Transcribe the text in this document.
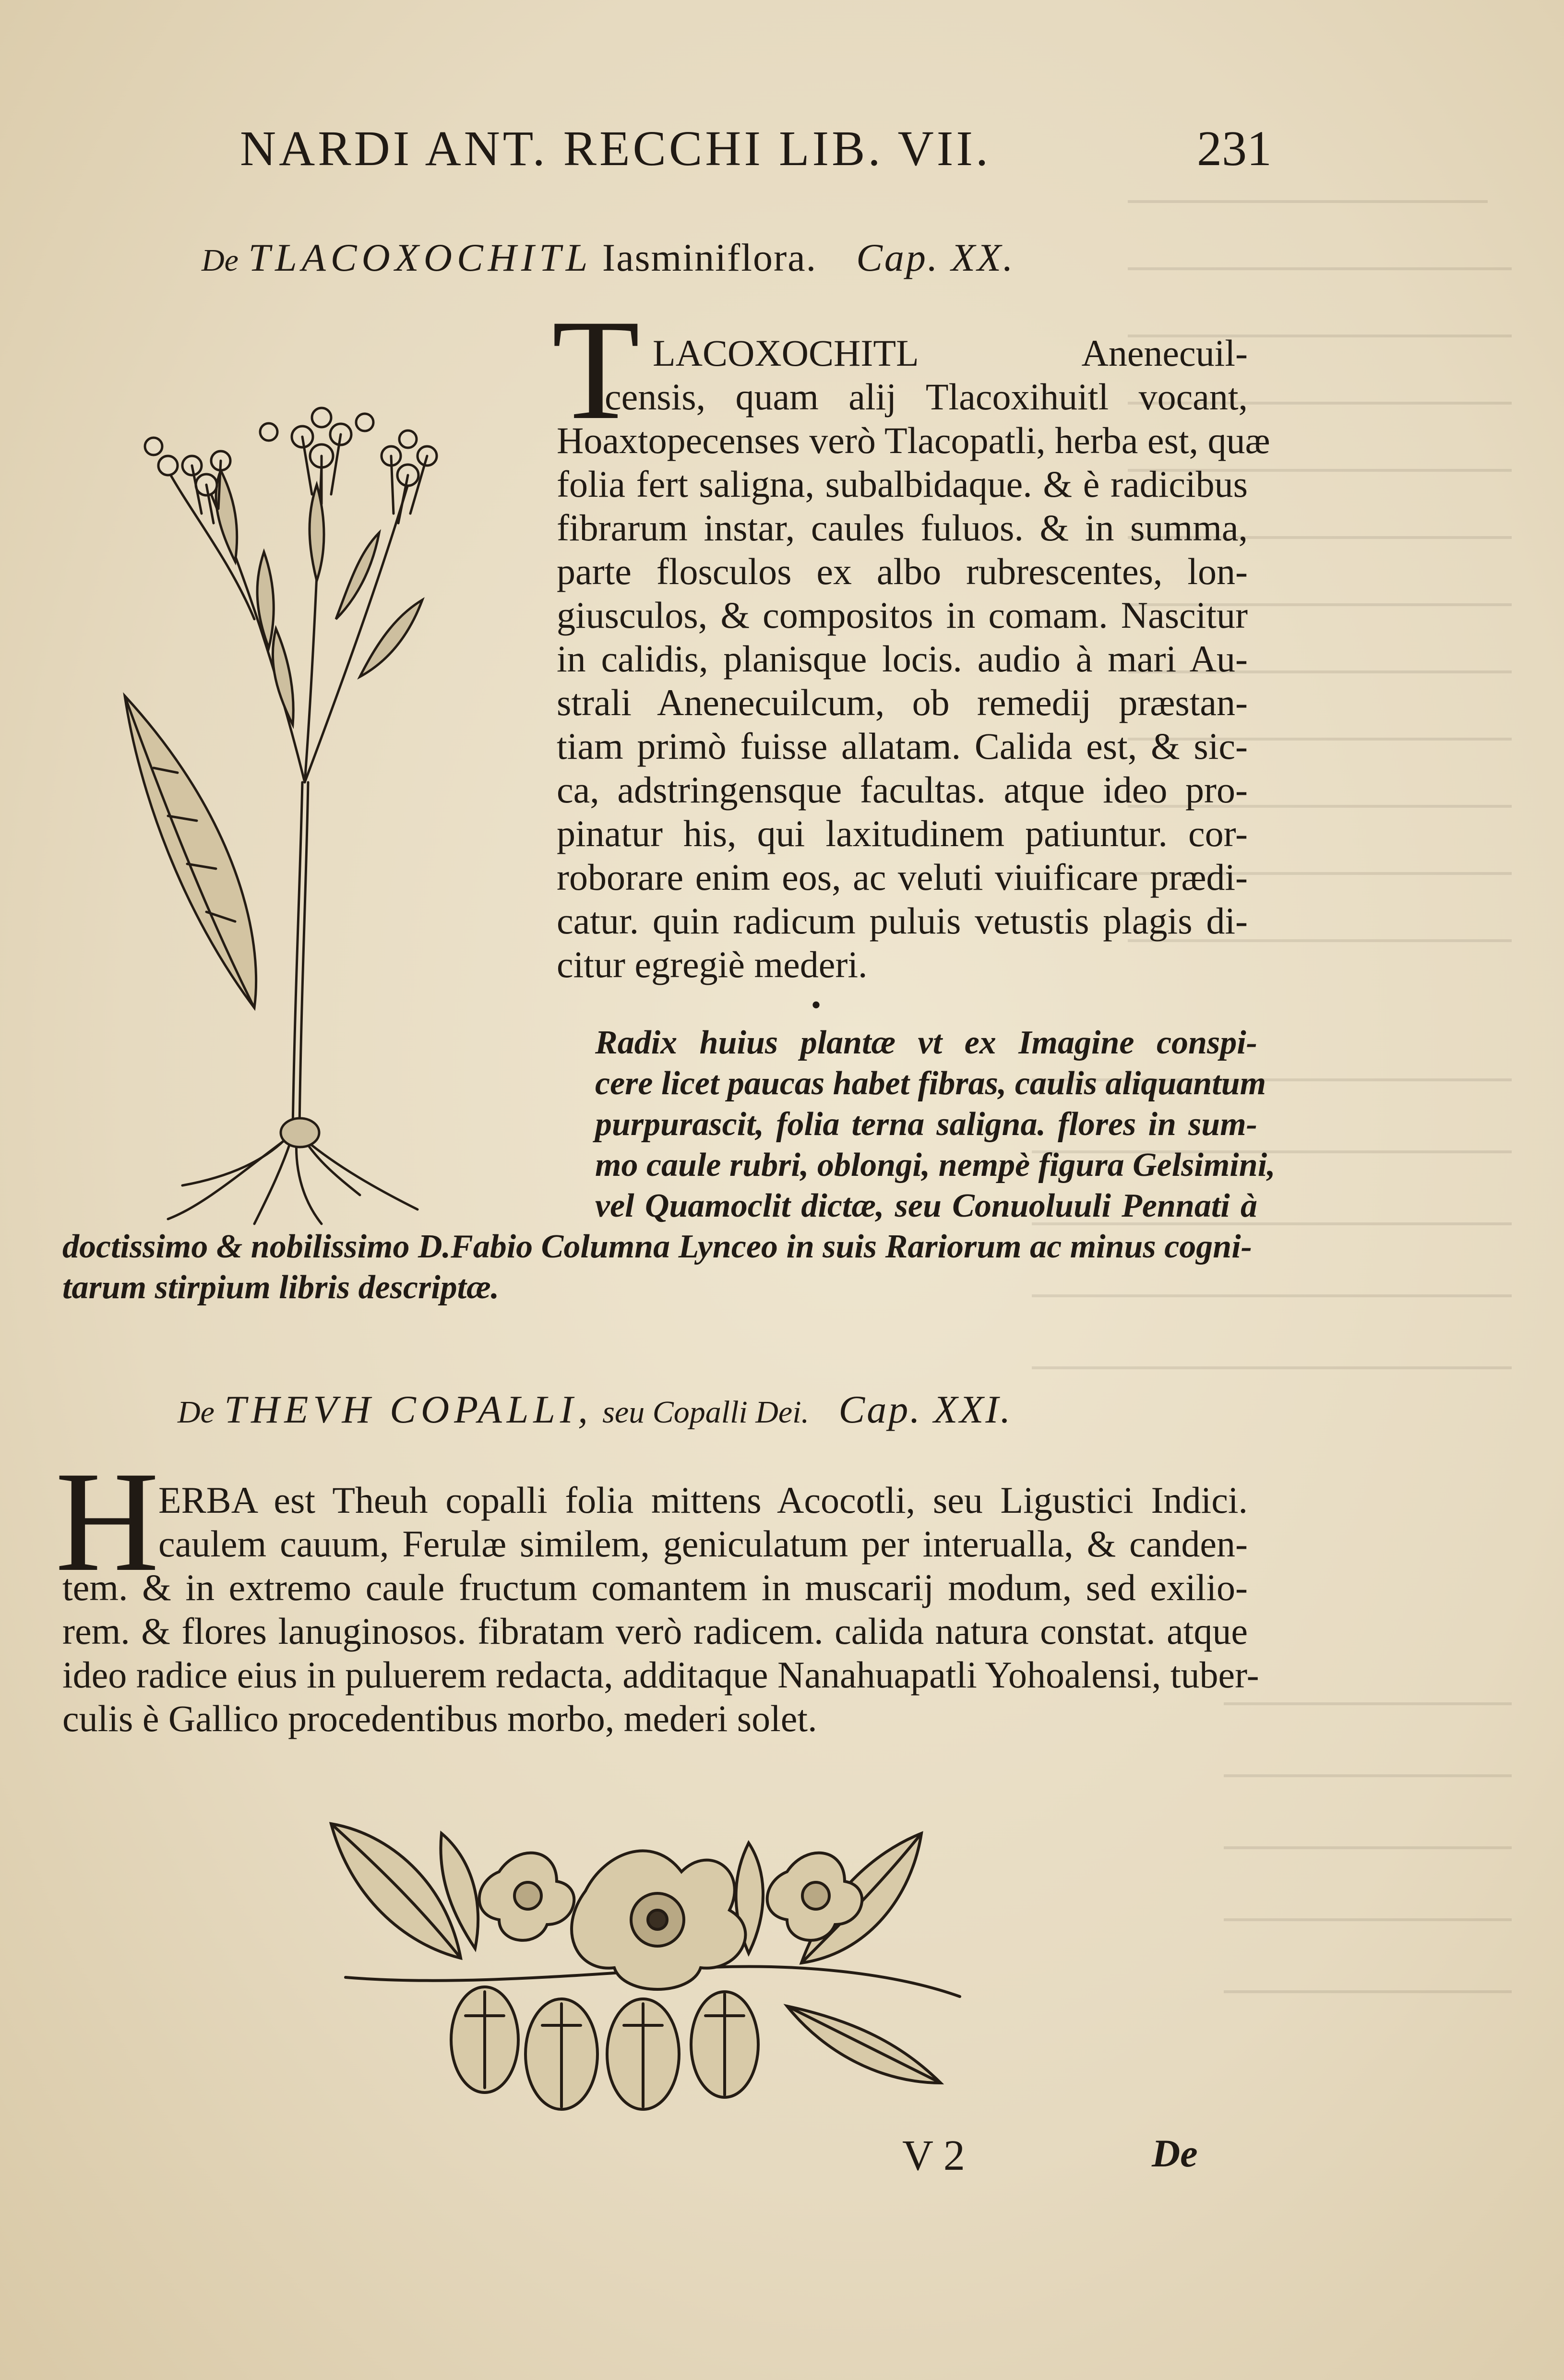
NARDI ANT. RECCHI LIB. VII.	231
De TLACOXOCHITL Iasminiflora. Cap. XX.
T LACOXOCHITL Anenecuil-
censis, quam alij Tlacoxihuitl vocant,
Hoaxtopecenses verò Tlacopatli, herba est, quæ
folia fert saligna, subalbidaque. & è radicibus
fibrarum instar, caules fuluos. & in summa,
parte flosculos ex albo rubrescentes, lon-
giusculos, & compositos in comam. Nascitur
in calidis, planisque locis. audio à mari Au-
strali Anenecuilcum, ob remedij præstan-
tiam primò fuisse allatam. Calida est, & sic-
ca, adstringensque facultas. atque ideo pro-
pinatur his, qui laxitudinem patiuntur. cor-
roborare enim eos, ac veluti viuificare prædi-
catur. quin radicum puluis vetustis plagis di-
citur egregiè mederi.
•
Radix huius plantæ vt ex Imagine conspi-
cere licet paucas habet fibras, caulis aliquantum
purpurascit, folia terna saligna. flores in sum-
mo caule rubri, oblongi, nempè figura Gelsimini,
vel Quamoclit dictæ, seu Conuoluuli Pennati à
doctissimo & nobilissimo D.Fabio Columna Lynceo in suis Rariorum ac minus cogni-
tarum stirpium libris descriptæ.
De THEVH COPALLI, seu Copalli Dei. Cap. XXI.
H
ERBA est Theuh copalli folia mittens Acocotli, seu Ligustici Indici.
caulem cauum, Ferulæ similem, geniculatum per interualla, & canden-
tem. & in extremo caule fructum comantem in muscarij modum, sed exilio-
rem. & flores lanuginosos. fibratam verò radicem. calida natura constat. atque
ideo radice eius in puluerem redacta, additaque Nanahuapatli Yohoalensi, tuber-
culis è Gallico procedentibus morbo, mederi solet.
V 2	De
